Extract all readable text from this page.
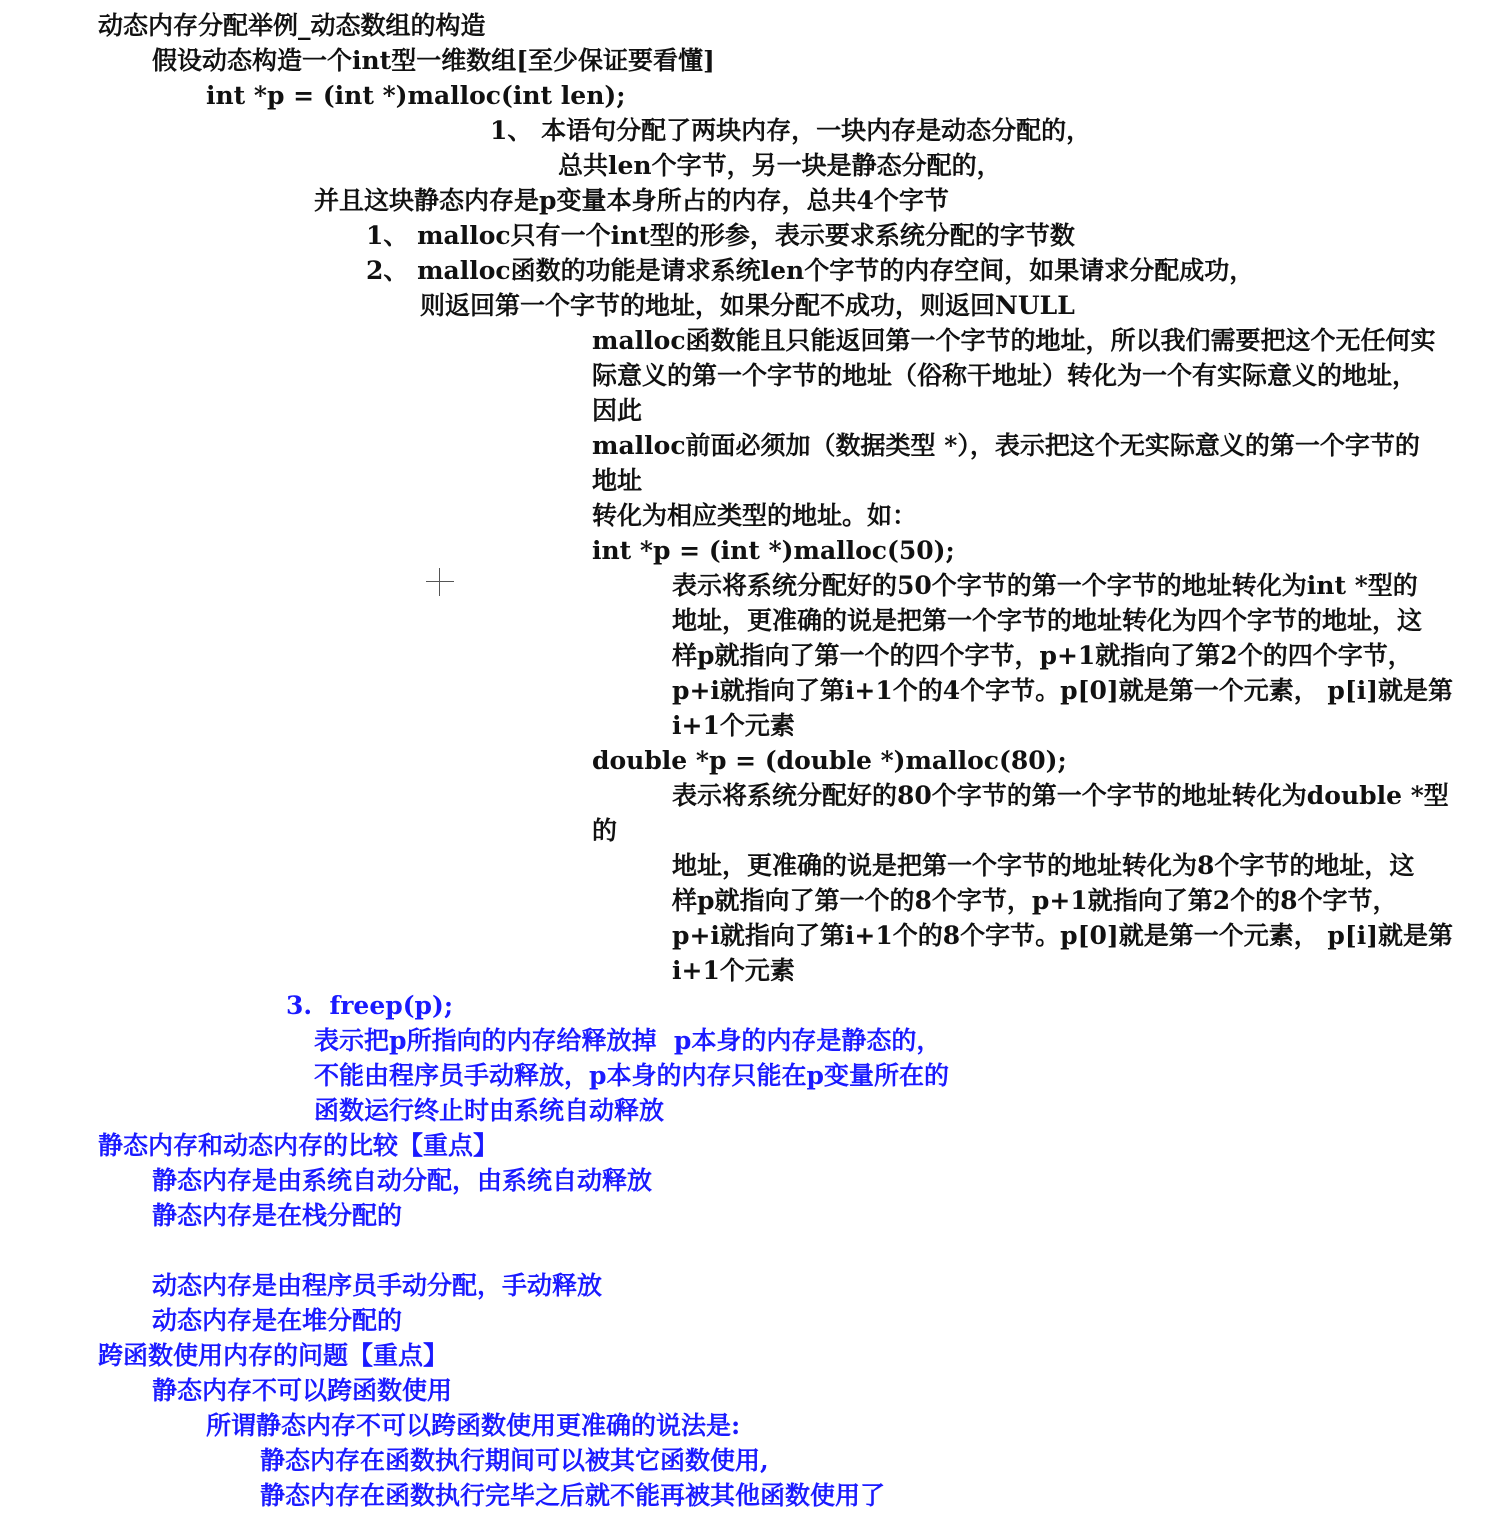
动态内存分配举例_动态数组的构造
假设动态构造一个int型一维数组[至少保证要看懂]
int *p = (int *)malloc(int len);
1、 本语句分配了两块内存，一块内存是动态分配的，
总共len个字节，另一块是静态分配的，
并且这块静态内存是p变量本身所占的内存，总共4个字节
1、 malloc只有一个int型的形参，表示要求系统分配的字节数
2、 malloc函数的功能是请求系统len个字节的内存空间，如果请求分配成功，
则返回第一个字节的地址，如果分配不成功，则返回NULL
malloc函数能且只能返回第一个字节的地址，所以我们需要把这个无任何实
际意义的第一个字节的地址（俗称干地址）转化为一个有实际意义的地址，
因此
malloc前面必须加（数据类型 *），表示把这个无实际意义的第一个字节的
地址
转化为相应类型的地址。如：
int *p = (int *)malloc(50);
表示将系统分配好的50个字节的第一个字节的地址转化为int *型的
地址，更准确的说是把第一个字节的地址转化为四个字节的地址，这
样p就指向了第一个的四个字节，p+1就指向了第2个的四个字节，
p+i就指向了第i+1个的4个字节。p[0]就是第一个元素， p[i]就是第
i+1个元素
double *p = (double *)malloc(80);
表示将系统分配好的80个字节的第一个字节的地址转化为double *型
的
地址，更准确的说是把第一个字节的地址转化为8个字节的地址，这
样p就指向了第一个的8个字节，p+1就指向了第2个的8个字节，
p+i就指向了第i+1个的8个字节。p[0]就是第一个元素， p[i]就是第
i+1个元素
3.  freep(p);
表示把p所指向的内存给释放掉  p本身的内存是静态的，
不能由程序员手动释放，p本身的内存只能在p变量所在的
函数运行终止时由系统自动释放
静态内存和动态内存的比较【重点】
静态内存是由系统自动分配，由系统自动释放
静态内存是在栈分配的
动态内存是由程序员手动分配，手动释放
动态内存是在堆分配的
跨函数使用内存的问题【重点】
静态内存不可以跨函数使用
所谓静态内存不可以跨函数使用更准确的说法是:
静态内存在函数执行期间可以被其它函数使用,
静态内存在函数执行完毕之后就不能再被其他函数使用了
